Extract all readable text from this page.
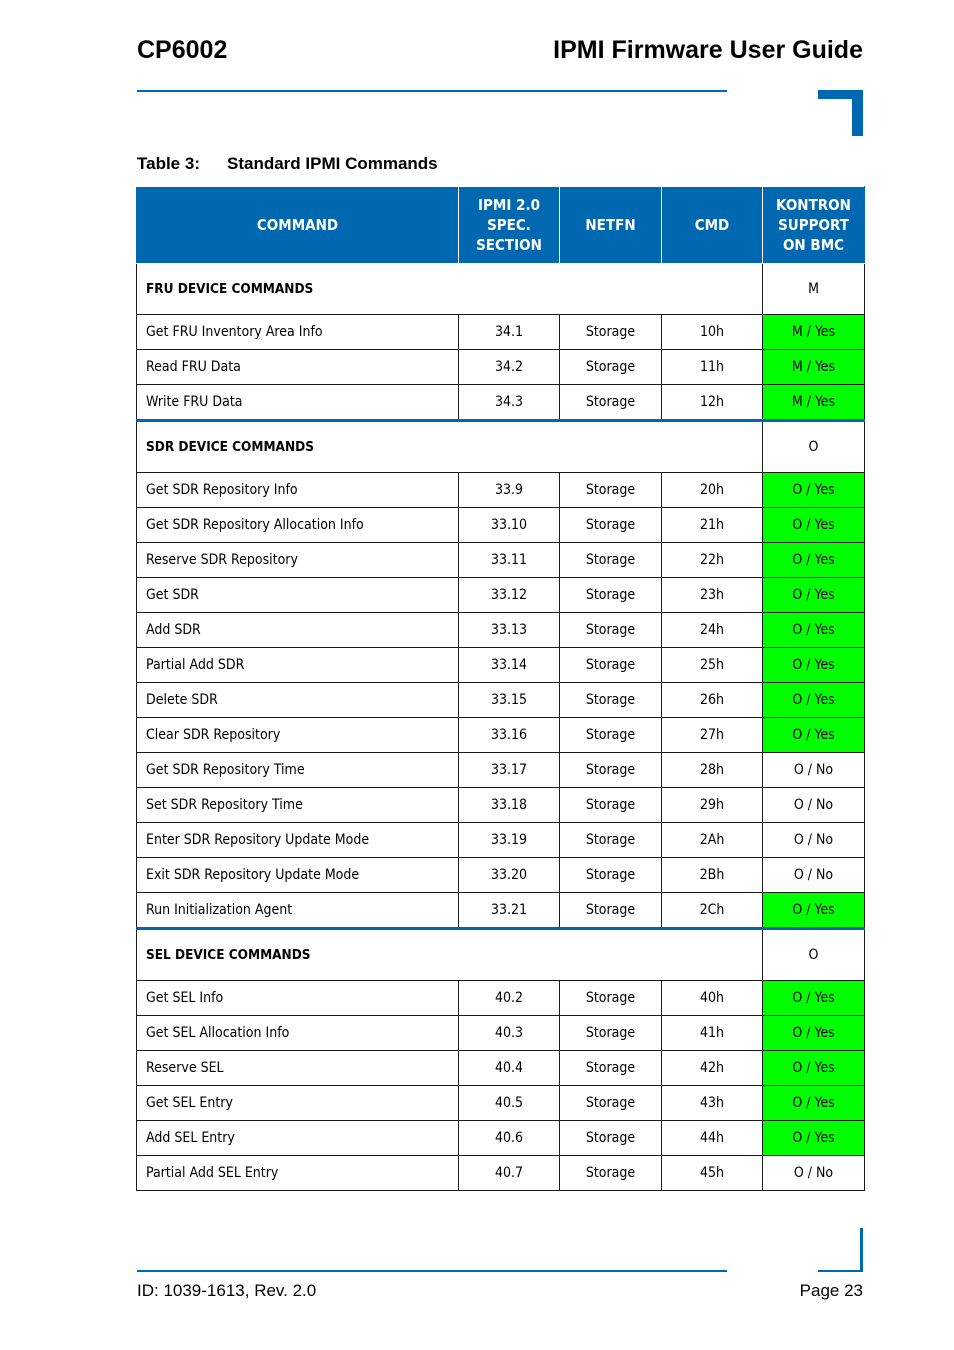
CP6002	IPMI Firmware User Guide
Table 3: Standard IPMI Commands
COMMAND	IPMI 2.0
SPEC.
SECTION	NETFN	CMD	KONTRON
SUPPORT
ON BMC
FRU DEVICE COMMANDS				M
Get FRU Inventory Area Info	34.1	Storage	10h	M / Yes
Read FRU Data	34.2	Storage	11h	M / Yes
Write FRU Data	34.3	Storage	12h	M / Yes
SDR DEVICE COMMANDS				O
Get SDR Repository Info	33.9	Storage	20h	O / Yes
Get SDR Repository Allocation Info	33.10	Storage	21h	O / Yes
Reserve SDR Repository	33.11	Storage	22h	O / Yes
Get SDR	33.12	Storage	23h	O / Yes
Add SDR	33.13	Storage	24h	O / Yes
Partial Add SDR	33.14	Storage	25h	O / Yes
Delete SDR	33.15	Storage	26h	O / Yes
Clear SDR Repository	33.16	Storage	27h	O / Yes
Get SDR Repository Time	33.17	Storage	28h	O / No
Set SDR Repository Time	33.18	Storage	29h	O / No
Enter SDR Repository Update Mode	33.19	Storage	2Ah	O / No
Exit SDR Repository Update Mode	33.20	Storage	2Bh	O / No
Run Initialization Agent	33.21	Storage	2Ch	O / Yes
SEL DEVICE COMMANDS				O
Get SEL Info	40.2	Storage	40h	O / Yes
Get SEL Allocation Info	40.3	Storage	41h	O / Yes
Reserve SEL	40.4	Storage	42h	O / Yes
Get SEL Entry	40.5	Storage	43h	O / Yes
Add SEL Entry	40.6	Storage	44h	O / Yes
Partial Add SEL Entry	40.7	Storage	45h	O / No
ID: 1039-1613, Rev. 2.0	Page 23
